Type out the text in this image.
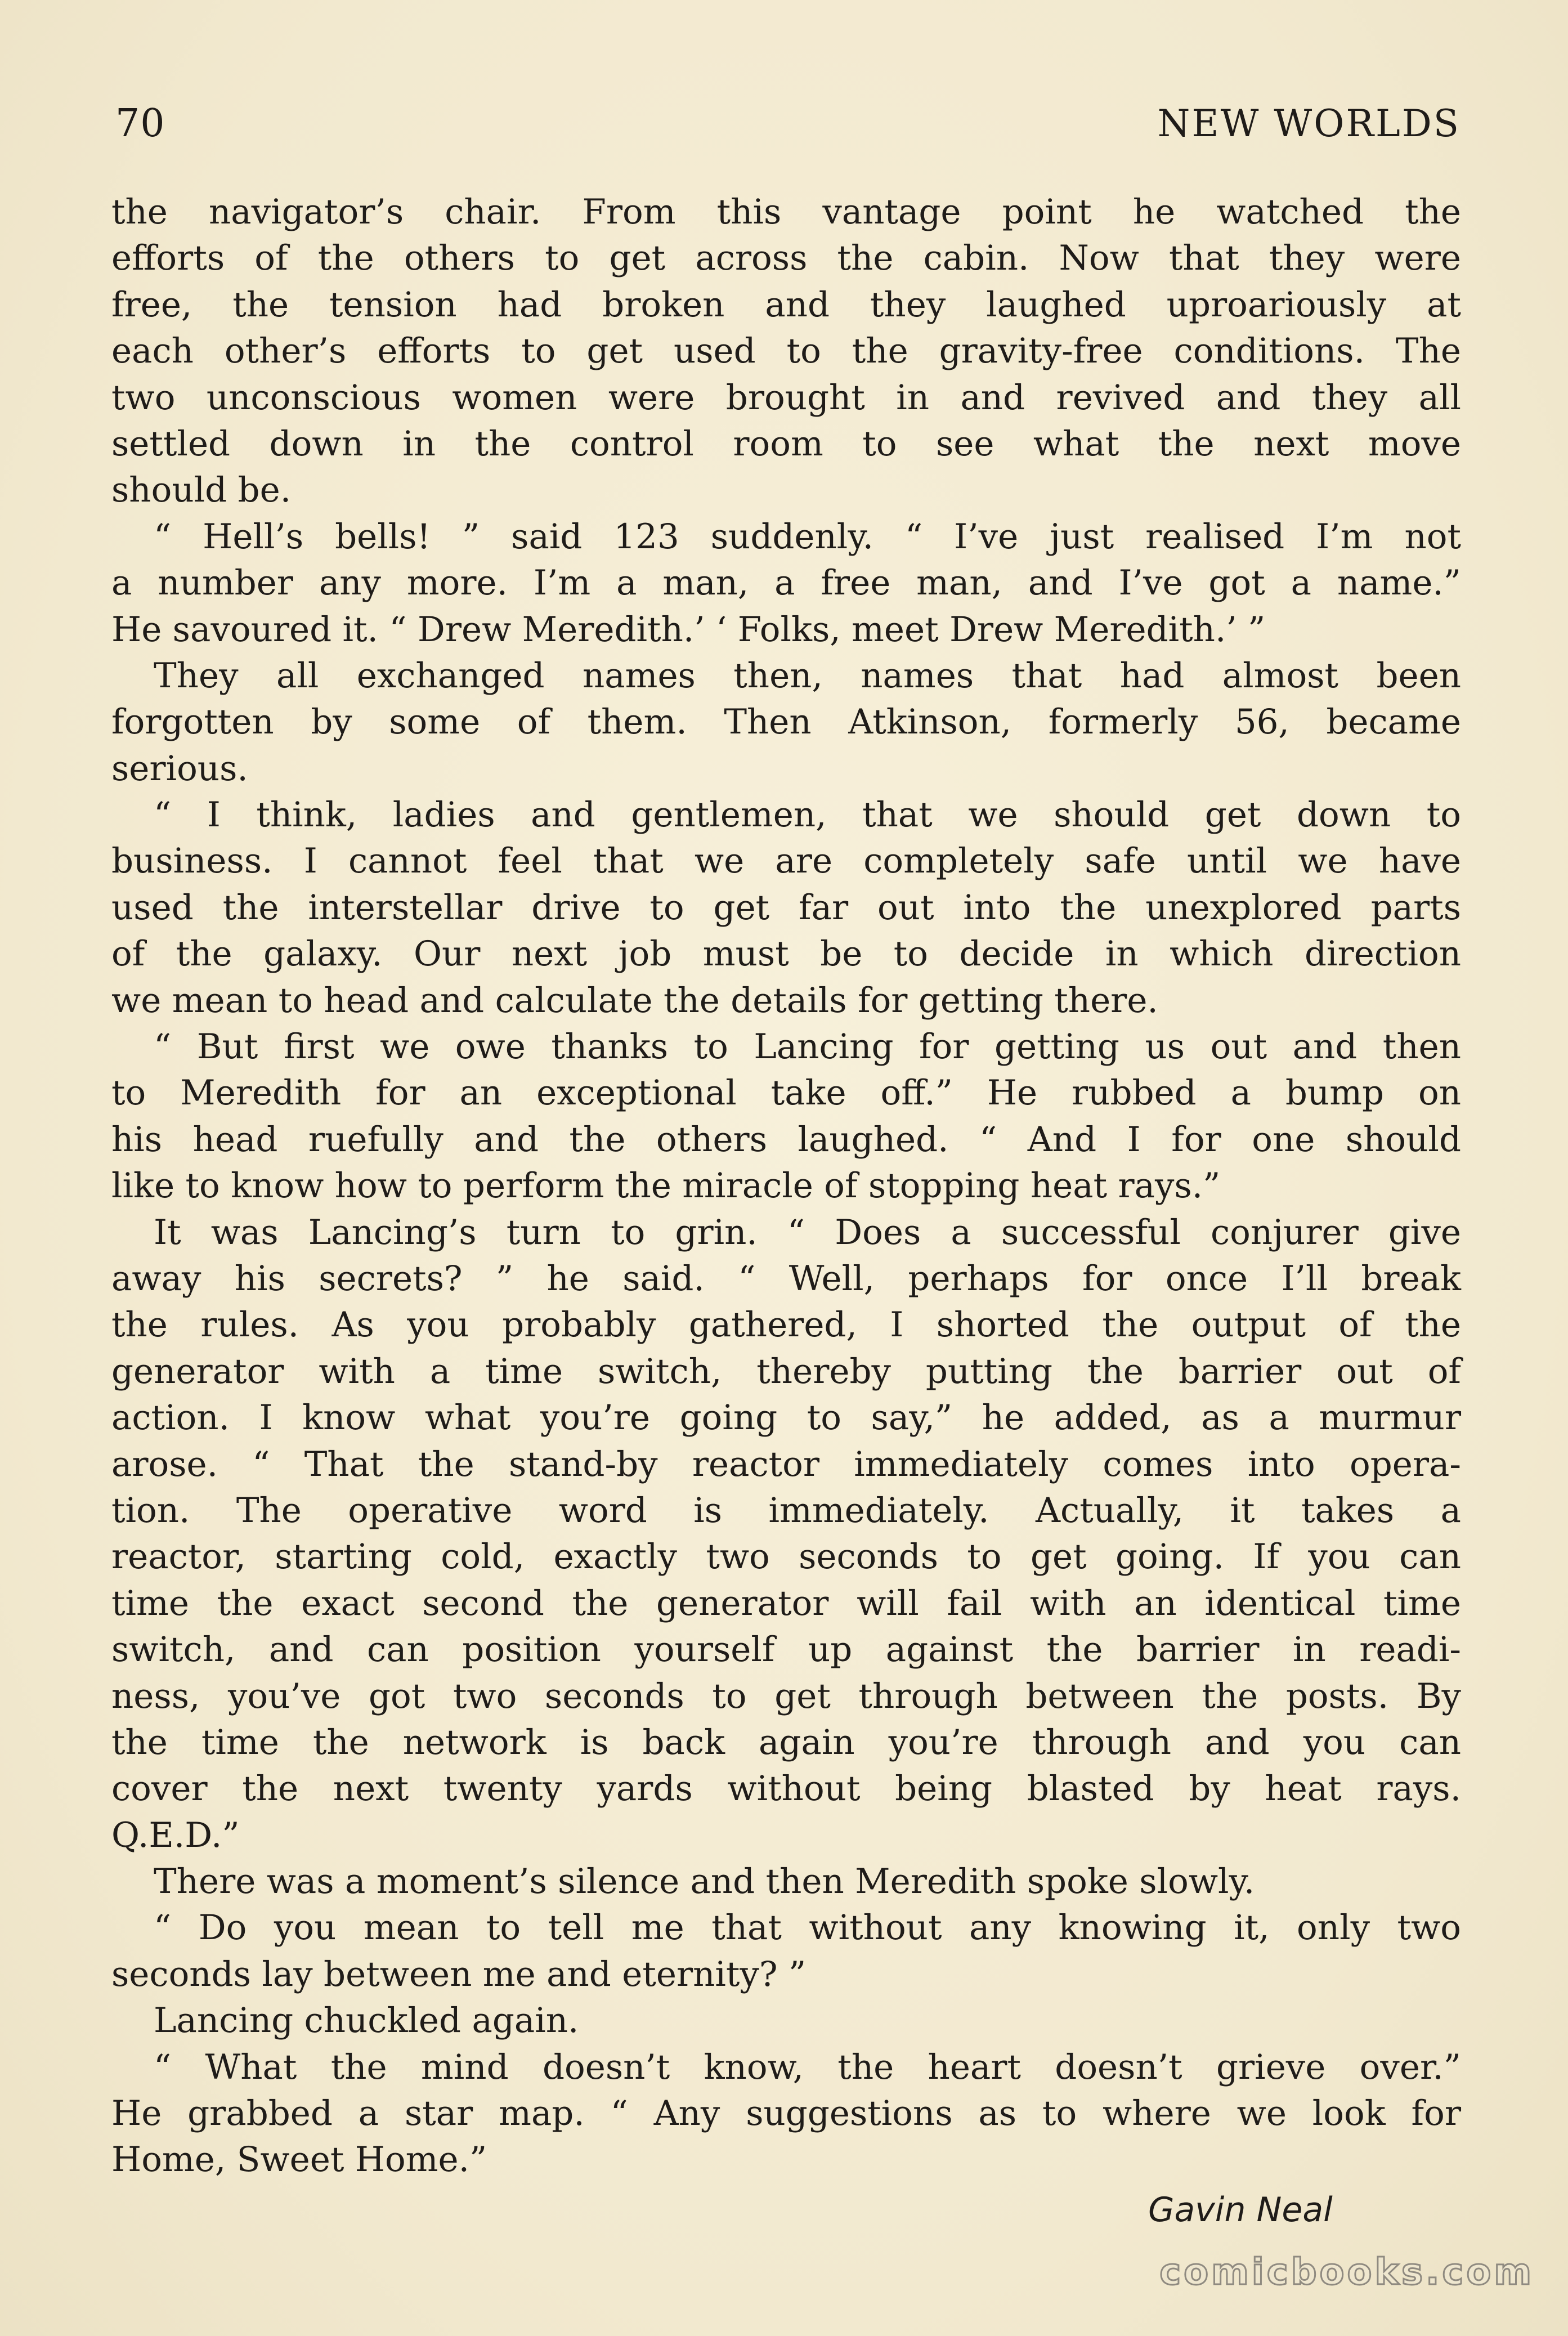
70	NEW WORLDS
the navigator’s chair. From this vantage point he watched the
efforts of the others to get across the cabin. Now that they were
free, the tension had broken and they laughed uproariously at
each other’s efforts to get used to the gravity-free conditions. The
two unconscious women were brought in and revived and they all
settled down in the control room to see what the next move
should be.
“ Hell’s bells! ” said 123 suddenly. “ I’ve just realised I’m not
a number any more. I’m a man, a free man, and I’ve got a name.”
He savoured it. “ Drew Meredith.’ ‘ Folks, meet Drew Meredith.’ ”
They all exchanged names then, names that had almost been
forgotten by some of them. Then Atkinson, formerly 56, became
serious.
“ I think, ladies and gentlemen, that we should get down to
business. I cannot feel that we are completely safe until we have
used the interstellar drive to get far out into the unexplored parts
of the galaxy. Our next job must be to decide in which direction
we mean to head and calculate the details for getting there.
“ But first we owe thanks to Lancing for getting us out and then
to Meredith for an exceptional take off.” He rubbed a bump on
his head ruefully and the others laughed. “ And I for one should
like to know how to perform the miracle of stopping heat rays.”
It was Lancing’s turn to grin. “ Does a successful conjurer give
away his secrets? ” he said. “ Well, perhaps for once I’ll break
the rules. As you probably gathered, I shorted the output of the
generator with a time switch, thereby putting the barrier out of
action. I know what you’re going to say,” he added, as a murmur
arose. “ That the stand-by reactor immediately comes into opera-
tion. The operative word is immediately. Actually, it takes a
reactor, starting cold, exactly two seconds to get going. If you can
time the exact second the generator will fail with an identical time
switch, and can position yourself up against the barrier in readi-
ness, you’ve got two seconds to get through between the posts. By
the time the network is back again you’re through and you can
cover the next twenty yards without being blasted by heat rays.
Q.E.D.”
There was a moment’s silence and then Meredith spoke slowly.
“ Do you mean to tell me that without any knowing it, only two
seconds lay between me and eternity? ”
Lancing chuckled again.
“ What the mind doesn’t know, the heart doesn’t grieve over.”
He grabbed a star map. “ Any suggestions as to where we look for
Home, Sweet Home.”
Gavin Neal
comicbooks.com
